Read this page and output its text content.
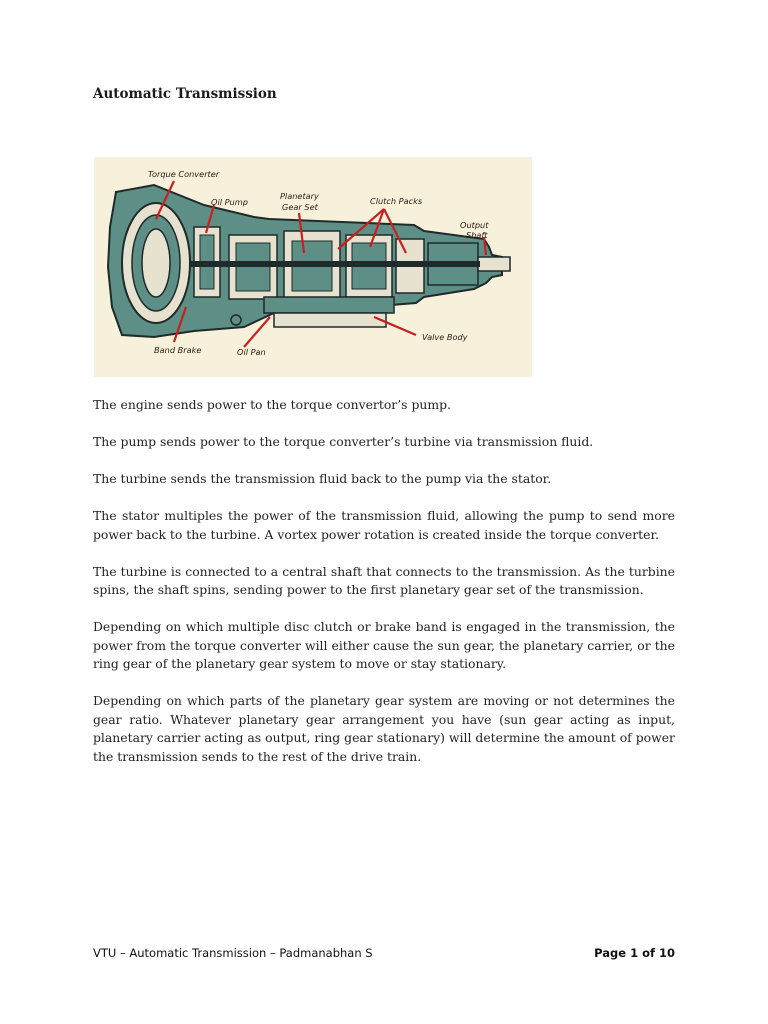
Automatic Transmission
Torque Converter
Oil Pump
Planetary
Gear Set
Clutch Packs
Output
Shaft
Band Brake	Oil Pan
Valve Body

The engine sends power to the torque convertor’s pump.

The pump sends power to the torque converter’s turbine via transmission fluid.

The turbine sends the transmission fluid back to the pump via the stator.

The stator multiples the power of the transmission fluid, allowing the pump to send more power back to the turbine. A vortex power rotation is created inside the torque converter.

The turbine is connected to a central shaft that connects to the transmission. As the turbine spins, the shaft spins, sending power to the first planetary gear set of the transmission.

Depending on which multiple disc clutch or brake band is engaged in the transmission, the power from the torque converter will either cause the sun gear, the planetary carrier, or the ring gear of the planetary gear system to move or stay stationary.

Depending on which parts of the planetary gear system are moving or not determines the gear ratio. Whatever planetary gear arrangement you have (sun gear acting as input, planetary carrier acting as output, ring gear stationary) will determine the amount of power the transmission sends to the rest of the drive train.

VTU – Automatic Transmission – Padmanabhan S	Page 1 of 10
